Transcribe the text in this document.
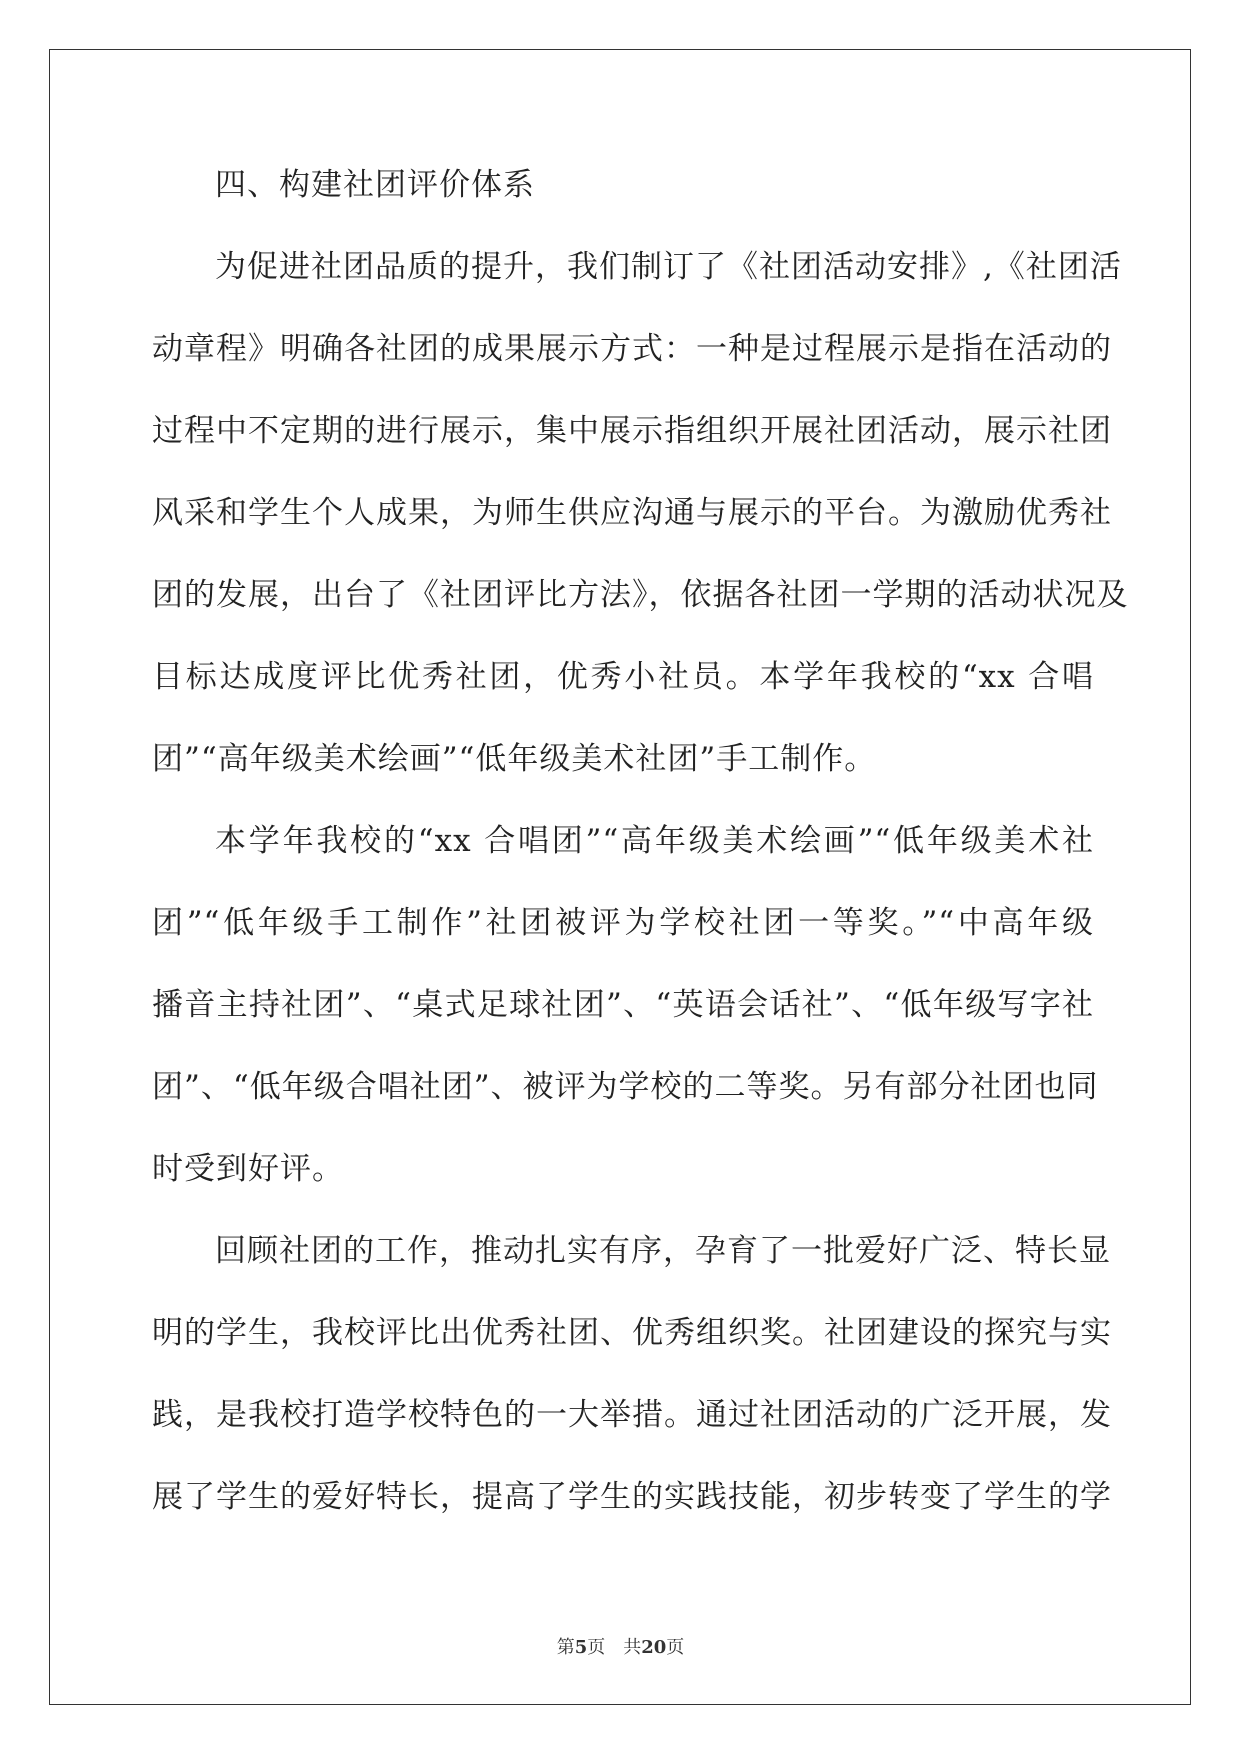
四、构建社团评价体系
为促进社团品质的提升，我们制订了《社团活动安排》,《社团活
动章程》明确各社团的成果展示方式：一种是过程展示是指在活动的
过程中不定期的进行展示，集中展示指组织开展社团活动，展示社团
风采和学生个人成果，为师生供应沟通与展示的平台。为激励优秀社
团的发展，出台了《社团评比方法》，依据各社团一学期的活动状况及
目标达成度评比优秀社团，优秀小社员。本学年我校的“xx 合唱
团”“高年级美术绘画”“低年级美术社团”手工制作。
本学年我校的“xx 合唱团”“高年级美术绘画”“低年级美术社
团”“低年级手工制作”社团被评为学校社团一等奖。”“中高年级
播音主持社团”、“桌式足球社团”、“英语会话社”、“低年级写字社
团”、“低年级合唱社团”、被评为学校的二等奖。另有部分社团也同
时受到好评。
回顾社团的工作，推动扎实有序，孕育了一批爱好广泛、特长显
明的学生，我校评比出优秀社团、优秀组织奖。社团建设的探究与实
践，是我校打造学校特色的一大举措。通过社团活动的广泛开展，发
展了学生的爱好特长，提高了学生的实践技能，初步转变了学生的学
第5页 共20页
